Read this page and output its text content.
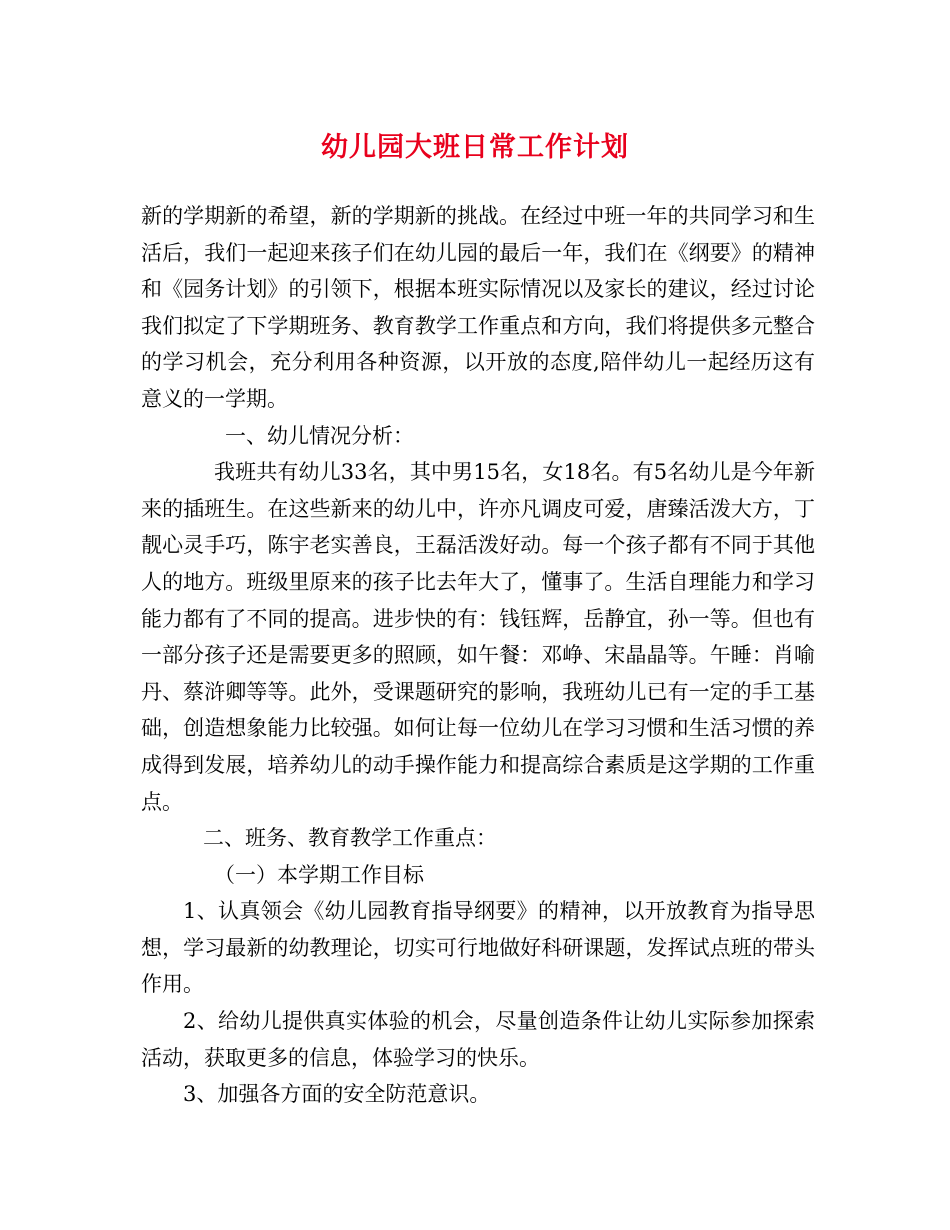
幼儿园大班日常工作计划

新的学期新的希望，新的学期新的挑战。在经过中班一年的共同学习和生活后，我们一起迎来孩子们在幼儿园的最后一年，我们在《纲要》的精神和《园务计划》的引领下，根据本班实际情况以及家长的建议，经过讨论我们拟定了下学期班务、教育教学工作重点和方向，我们将提供多元整合的学习机会，充分利用各种资源，以开放的态度,陪伴幼儿一起经历这有意义的一学期。

一、幼儿情况分析：

我班共有幼儿33名，其中男15名，女18名。有5名幼儿是今年新来的插班生。在这些新来的幼儿中，许亦凡调皮可爱，唐臻活泼大方，丁靓心灵手巧，陈宇老实善良，王磊活泼好动。每一个孩子都有不同于其他人的地方。班级里原来的孩子比去年大了，懂事了。生活自理能力和学习能力都有了不同的提高。进步快的有：钱钰辉，岳静宜，孙一等。但也有一部分孩子还是需要更多的照顾，如午餐：邓峥、宋晶晶等。午睡：肖喻丹、蔡浒卿等等。此外，受课题研究的影响，我班幼儿已有一定的手工基础，创造想象能力比较强。如何让每一位幼儿在学习习惯和生活习惯的养成得到发展，培养幼儿的动手操作能力和提高综合素质是这学期的工作重点。

二、班务、教育教学工作重点：

（一）本学期工作目标

1、认真领会《幼儿园教育指导纲要》的精神，以开放教育为指导思想，学习最新的幼教理论，切实可行地做好科研课题，发挥试点班的带头作用。

2、给幼儿提供真实体验的机会，尽量创造条件让幼儿实际参加探索活动，获取更多的信息，体验学习的快乐。

3、加强各方面的安全防范意识。
